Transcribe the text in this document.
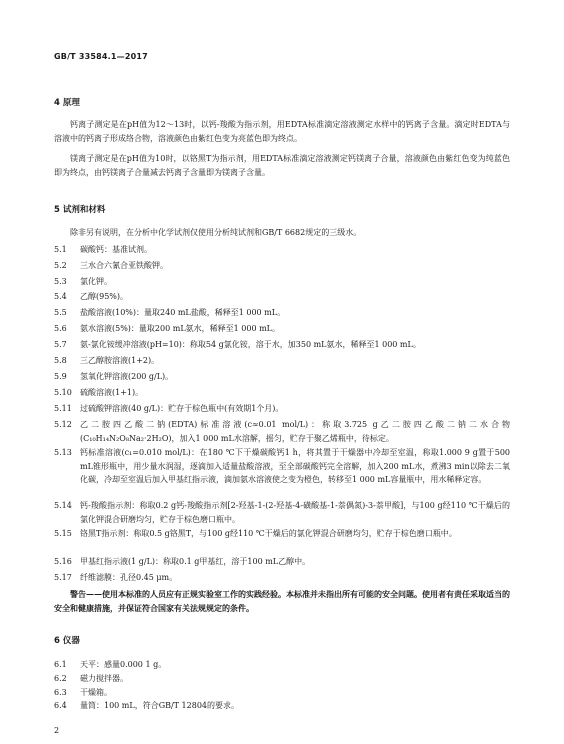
GB/T 33584.1—2017
4 原理

钙离子测定是在pH值为12～13时，以钙-羧酸为指示剂，用EDTA标准滴定溶液测定水样中的钙离子含量。滴定时EDTA与溶液中的钙离子形成络合物，溶液颜色由紫红色变为亮蓝色即为终点。

镁离子测定是在pH值为10时，以铬黑T为指示剂，用EDTA标准滴定溶液测定钙镁离子合量，溶液颜色由紫红色变为纯蓝色即为终点，由钙镁离子合量减去钙离子含量即为镁离子含量。

5 试剂和材料

除非另有说明，在分析中化学试剂仅使用分析纯试剂和GB/T 6682规定的三级水。

5.1	碳酸钙：基准试剂。
5.2	三水合六氰合亚铁酸钾。
5.3	氯化钾。
5.4	乙醇(95%)。
5.5	盐酸溶液(10%)：量取240 mL盐酸，稀释至1 000 mL。
5.6	氨水溶液(5%)：量取200 mL氨水，稀释至1 000 mL。
5.7	氨-氯化铵缓冲溶液(pH=10)：称取54 g氯化铵，溶于水，加350 mL氨水，稀释至1 000 mL。
5.8	三乙醇胺溶液(1+2)。
5.9	氢氧化钾溶液(200 g/L)。
5.10	硫酸溶液(1+1)。
5.11	过硫酸钾溶液(40 g/L)：贮存于棕色瓶中(有效期1个月)。
5.12	乙二胺四乙酸二钠(EDTA)标准溶液(c≈0.01 mol/L)：称取3.725 g乙二胺四乙酸二钠二水合物(C₁₀H₁₄N₂O₈Na₂·2H₂O)，加入1 000 mL水溶解，摇匀，贮存于聚乙烯瓶中，待标定。
5.13	钙标准溶液(c₁=0.010 mol/L)：在180 ℃下干燥碳酸钙1 h，将其置于干燥器中冷却至室温，称取1.000 9 g置于500 mL锥形瓶中，用少量水润湿，逐滴加入适量盐酸溶液，至全部碳酸钙完全溶解，加入200 mL水，煮沸3 min以除去二氧化碳，冷却至室温后加入甲基红指示液，滴加氨水溶液使之变为橙色，转移至1 000 mL容量瓶中，用水稀释定容。
5.14	钙-羧酸指示剂：称取0.2 g钙-羧酸指示剂[2-羟基-1-(2-羟基-4-磺酸基-1-萘偶氮)-3-萘甲酸]，与100 g经110 ℃干燥后的氯化钾混合研磨均匀，贮存于棕色磨口瓶中。
5.15	铬黑T指示剂：称取0.5 g铬黑T，与100 g经110 ℃干燥后的氯化钾混合研磨均匀，贮存于棕色磨口瓶中。
5.16	甲基红指示液(1 g/L)：称取0.1 g甲基红，溶于100 mL乙醇中。
5.17	纤维滤膜：孔径0.45 μm。

警告——使用本标准的人员应有正规实验室工作的实践经验。本标准并未指出所有可能的安全问题。使用者有责任采取适当的安全和健康措施，并保证符合国家有关法规规定的条件。

6 仪器
6.1	天平：感量0.000 1 g。
6.2	磁力搅拌器。
6.3	干燥箱。
6.4	量筒：100 mL，符合GB/T 12804的要求。
2
